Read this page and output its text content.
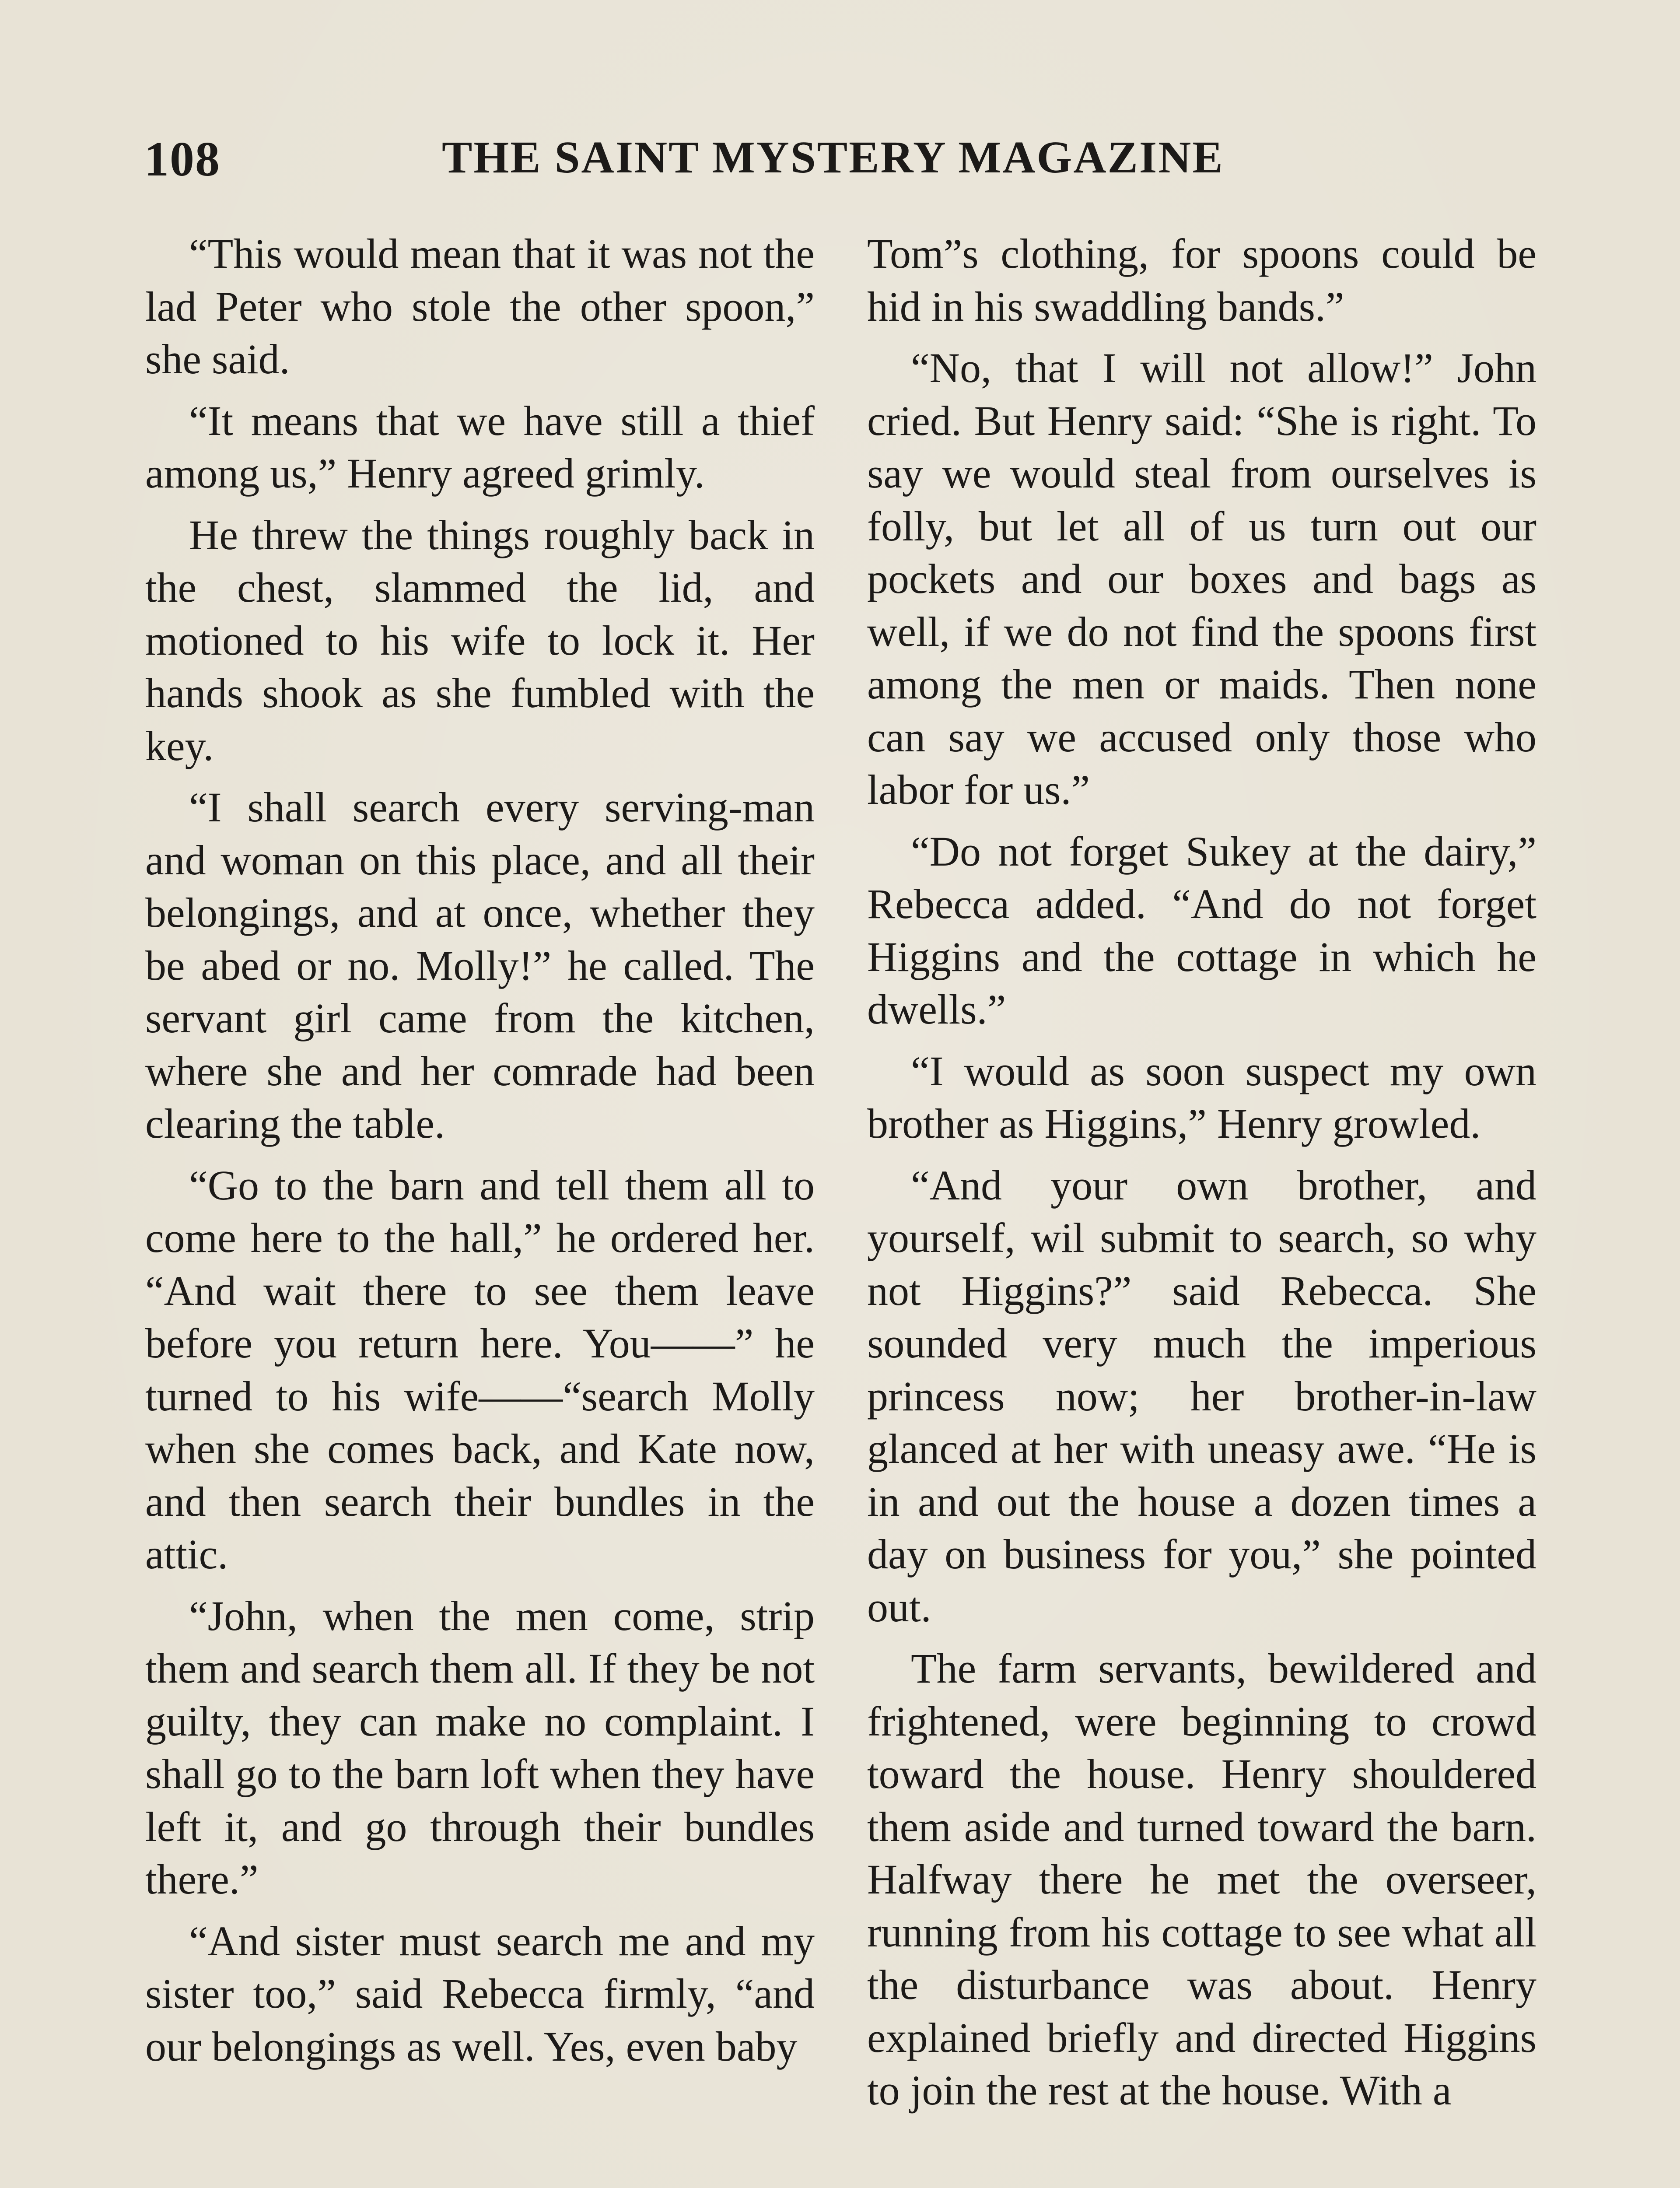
108	THE SAINT MYSTERY MAGAZINE

“This would mean that it was not the lad Peter who stole the other spoon,” she said.

“It means that we have still a thief among us,” Henry agreed grimly.

He threw the things roughly back in the chest, slammed the lid, and motioned to his wife to lock it. Her hands shook as she fumbled with the key.

“I shall search every serving-man and woman on this place, and all their belongings, and at once, whether they be abed or no. Molly!” he called. The servant girl came from the kitchen, where she and her comrade had been clearing the table.

“Go to the barn and tell them all to come here to the hall,” he ordered her. “And wait there to see them leave before you return here. You——” he turned to his wife——“search Molly when she comes back, and Kate now, and then search their bundles in the attic.

“John, when the men come, strip them and search them all. If they be not guilty, they can make no complaint. I shall go to the barn loft when they have left it, and go through their bundles there.”

“And sister must search me and my sister too,” said Rebecca firmly, “and our belongings as well. Yes, even baby

Tom”s clothing, for spoons could be hid in his swaddling bands.”

“No, that I will not allow!” John cried. But Henry said: “She is right. To say we would steal from ourselves is folly, but let all of us turn out our pockets and our boxes and bags as well, if we do not find the spoons first among the men or maids. Then none can say we accused only those who labor for us.”

“Do not forget Sukey at the dairy,” Rebecca added. “And do not forget Higgins and the cottage in which he dwells.”

“I would as soon suspect my own brother as Higgins,” Henry growled.

“And your own brother, and yourself, wil submit to search, so why not Higgins?” said Rebecca. She sounded very much the imperious princess now; her brother-in-law glanced at her with uneasy awe. “He is in and out the house a dozen times a day on business for you,” she pointed out.

The farm servants, bewildered and frightened, were beginning to crowd toward the house. Henry shouldered them aside and turned toward the barn. Halfway there he met the overseer, running from his cottage to see what all the disturbance was about. Henry explained briefly and directed Higgins to join the rest at the house. With a
